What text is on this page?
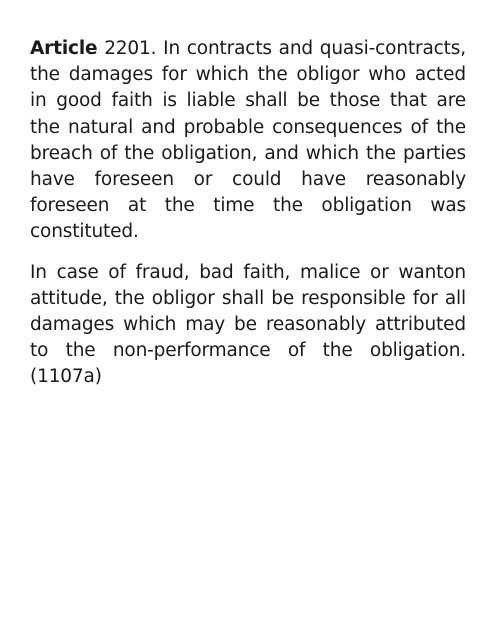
Article 2201. In contracts and quasi-contracts, the damages for which the obligor who acted in good faith is liable shall be those that are the natural and probable consequences of the breach of the obligation, and which the parties have foreseen or could have reasonably foreseen at the time the obligation was constituted.

In case of fraud, bad faith, malice or wanton attitude, the obligor shall be responsible for all damages which may be reasonably attributed to the non-performance of the obligation. (1107a)
